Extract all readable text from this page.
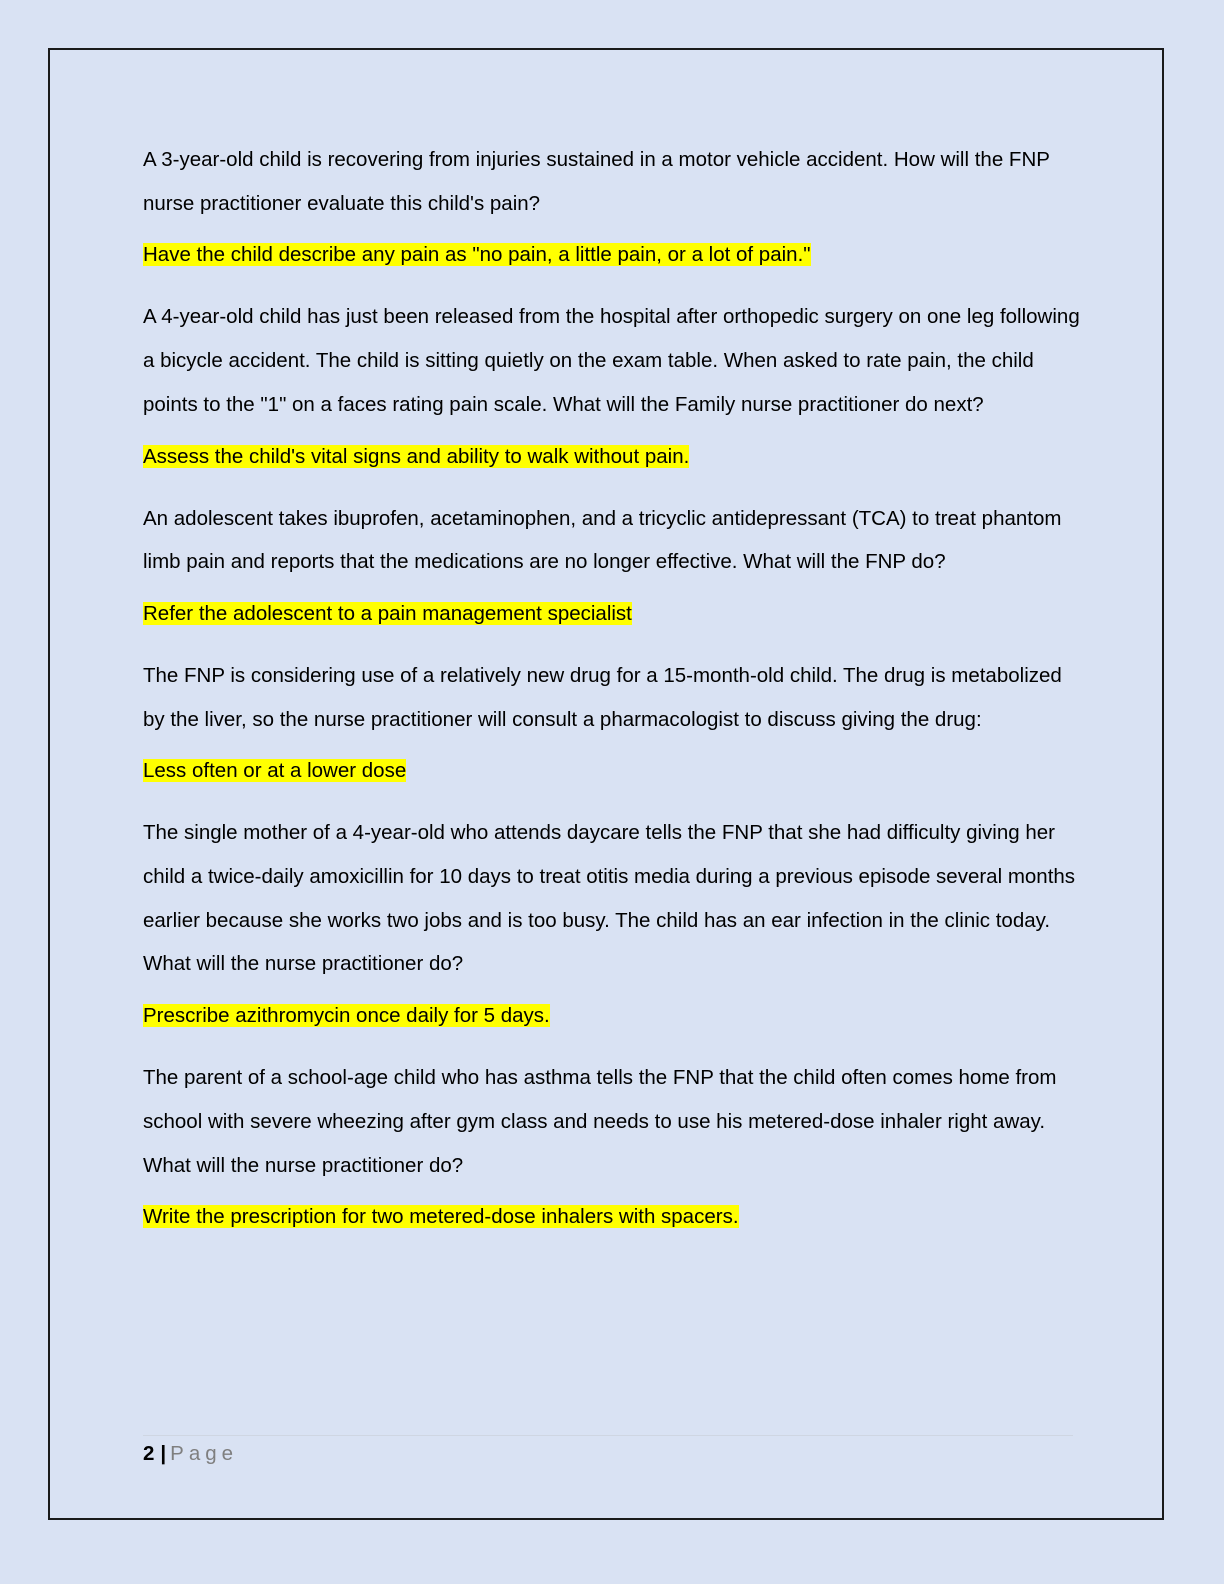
A 3-year-old child is recovering from injuries sustained in a motor vehicle accident. How will the FNP nurse practitioner evaluate this child's pain?

Have the child describe any pain as "no pain, a little pain, or a lot of pain."

A 4-year-old child has just been released from the hospital after orthopedic surgery on one leg following a bicycle accident. The child is sitting quietly on the exam table. When asked to rate pain, the child points to the "1" on a faces rating pain scale. What will the Family nurse practitioner do next?

Assess the child's vital signs and ability to walk without pain.

An adolescent takes ibuprofen, acetaminophen, and a tricyclic antidepressant (TCA) to treat phantom limb pain and reports that the medications are no longer effective. What will the FNP do?

Refer the adolescent to a pain management specialist

The FNP is considering use of a relatively new drug for a 15-month-old child. The drug is metabolized by the liver, so the nurse practitioner will consult a pharmacologist to discuss giving the drug:

Less often or at a lower dose

The single mother of a 4-year-old who attends daycare tells the FNP that she had difficulty giving her child a twice-daily amoxicillin for 10 days to treat otitis media during a previous episode several months earlier because she works two jobs and is too busy. The child has an ear infection in the clinic today. What will the nurse practitioner do?

Prescribe azithromycin once daily for 5 days.

The parent of a school-age child who has asthma tells the FNP that the child often comes home from school with severe wheezing after gym class and needs to use his metered-dose inhaler right away. What will the nurse practitioner do?

Write the prescription for two metered-dose inhalers with spacers.

2 | Page
